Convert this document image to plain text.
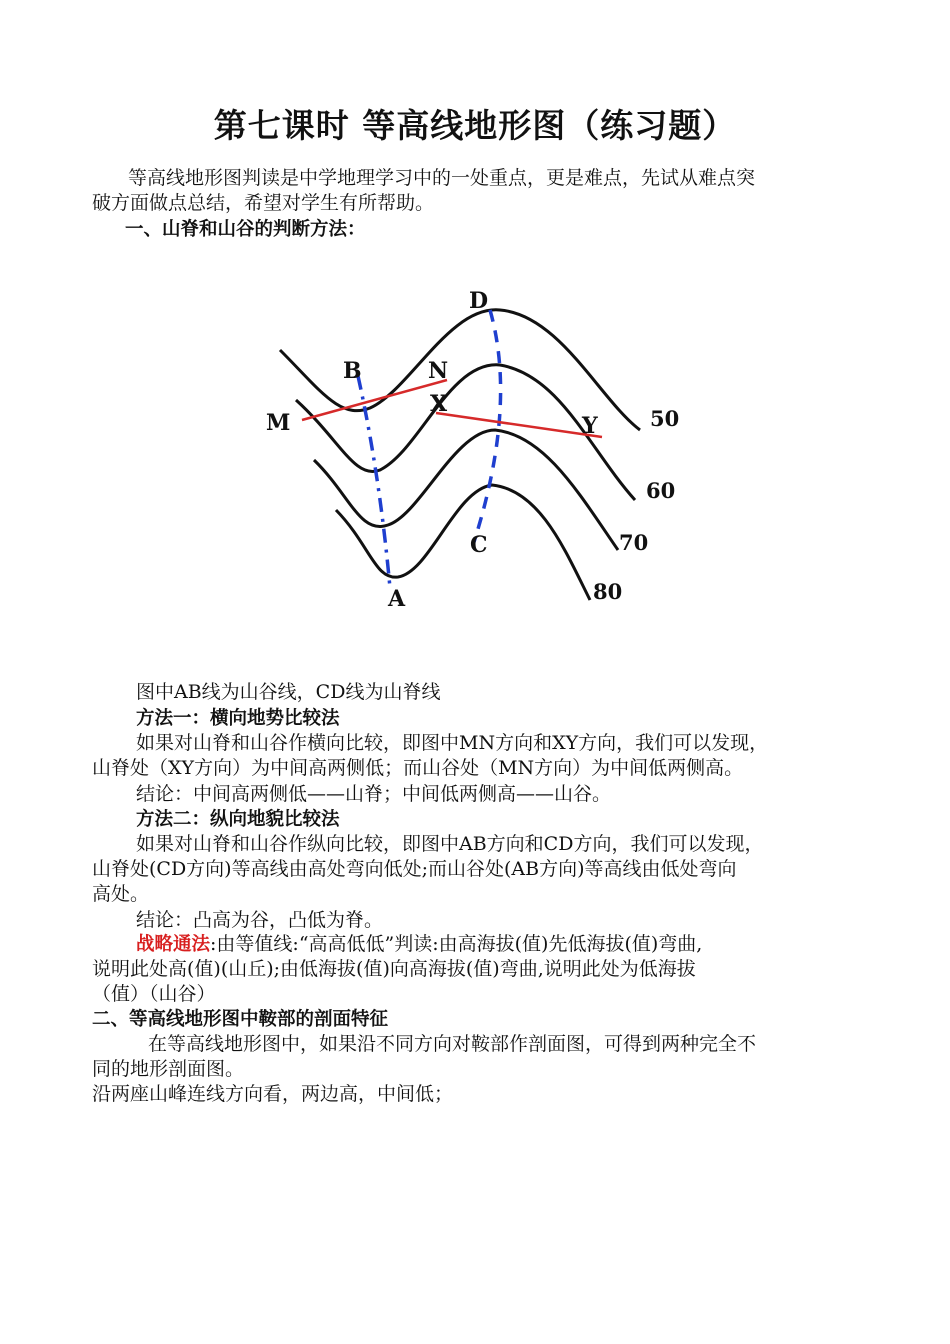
第七课时 等高线地形图（练习题）

等高线地形图判读是中学地理学习中的一处重点，更是难点，先试从难点突
破方面做点总结，希望对学生有所帮助。

一、山脊和山谷的判断方法：

D
B	N
X
M	Y
C
A
50
60
70
80

图中AB线为山谷线，CD线为山脊线

方法一：横向地势比较法

如果对山脊和山谷作横向比较，即图中MN方向和XY方向，我们可以发现，
山脊处（XY方向）为中间高两侧低；而山谷处（MN方向）为中间低两侧高。

结论：中间高两侧低——山脊；中间低两侧高——山谷。

方法二：纵向地貌比较法

如果对山脊和山谷作纵向比较，即图中AB方向和CD方向，我们可以发现，
山脊处(CD方向)等高线由高处弯向低处;而山谷处(AB方向)等高线由低处弯向
高处。

结论：凸高为谷，凸低为脊。

战略通法:由等值线:“高高低低”判读:由高海拔(值)先低海拔(值)弯曲,
说明此处高(值)(山丘);由低海拔(值)向高海拔(值)弯曲,说明此处为低海拔
（值）（山谷）

二、等高线地形图中鞍部的剖面特征

在等高线地形图中，如果沿不同方向对鞍部作剖面图，可得到两种完全不
同的地形剖面图。
沿两座山峰连线方向看，两边高，中间低；
